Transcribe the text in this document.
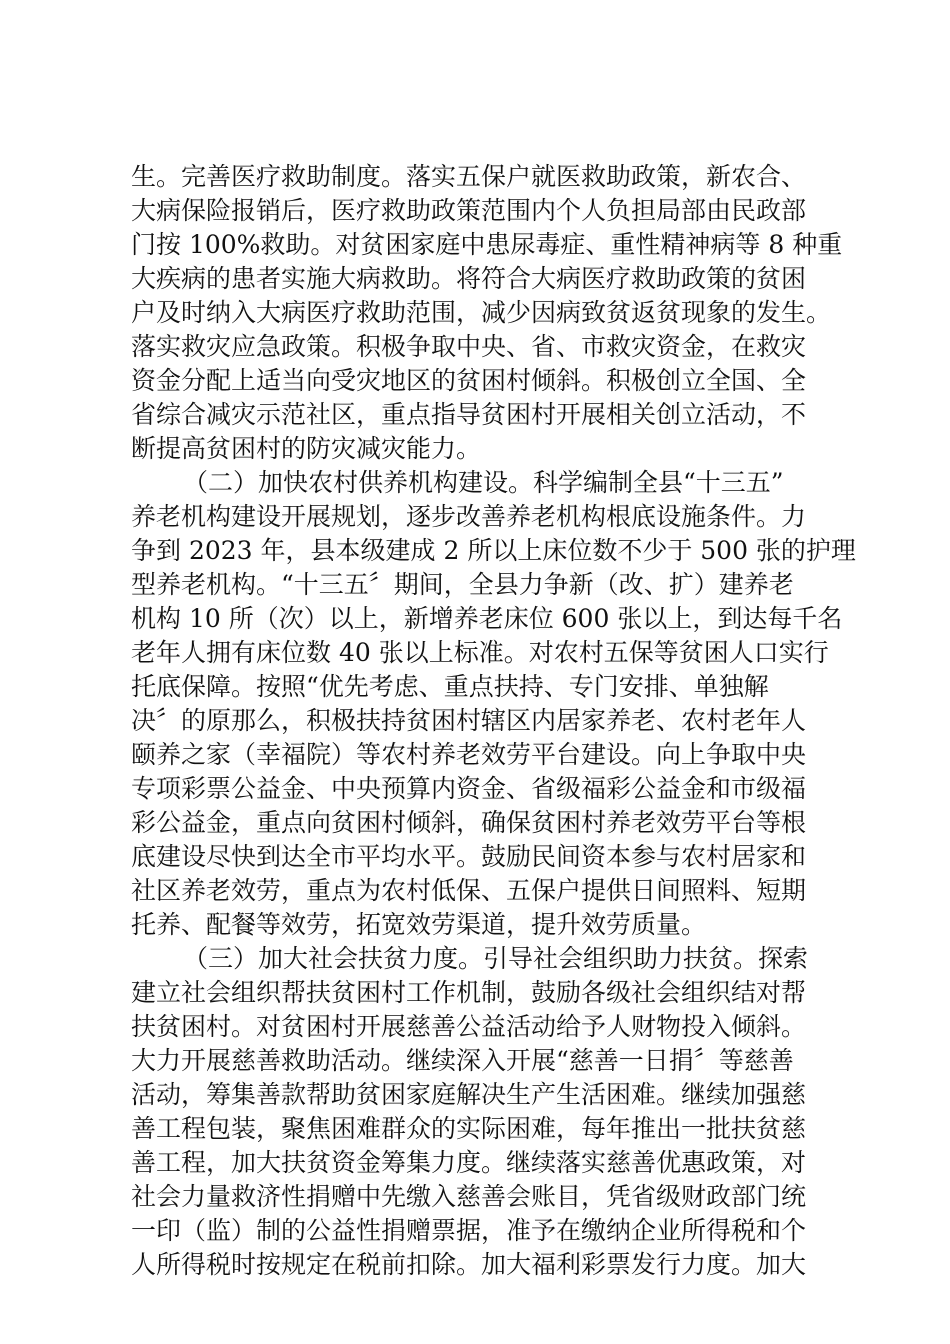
生。完善医疗救助制度。落实五保户就医救助政策，新农合、
大病保险报销后，医疗救助政策范围内个人负担局部由民政部
门按 100%救助。对贫困家庭中患尿毒症、重性精神病等 8 种重
大疾病的患者实施大病救助。将符合大病医疗救助政策的贫困
户及时纳入大病医疗救助范围，减少因病致贫返贫现象的发生。
落实救灾应急政策。积极争取中央、省、市救灾资金，在救灾
资金分配上适当向受灾地区的贫困村倾斜。积极创立全国、全
省综合减灾示范社区，重点指导贫困村开展相关创立活动，不
断提高贫困村的防灾减灾能力。
（二）加快农村供养机构建设。科学编制全县“十三五”
养老机构建设开展规划，逐步改善养老机构根底设施条件。力
争到 2023 年，县本级建成 2 所以上床位数不少于 500 张的护理
型养老机构。“十三五〞期间，全县力争新（改、扩）建养老
机构 10 所（次）以上，新增养老床位 600 张以上，到达每千名
老年人拥有床位数 40 张以上标准。对农村五保等贫困人口实行
托底保障。按照“优先考虑、重点扶持、专门安排、单独解
决〞的原那么，积极扶持贫困村辖区内居家养老、农村老年人
颐养之家（幸福院）等农村养老效劳平台建设。向上争取中央
专项彩票公益金、中央预算内资金、省级福彩公益金和市级福
彩公益金，重点向贫困村倾斜，确保贫困村养老效劳平台等根
底建设尽快到达全市平均水平。鼓励民间资本参与农村居家和
社区养老效劳，重点为农村低保、五保户提供日间照料、短期
托养、配餐等效劳，拓宽效劳渠道，提升效劳质量。
（三）加大社会扶贫力度。引导社会组织助力扶贫。探索
建立社会组织帮扶贫困村工作机制，鼓励各级社会组织结对帮
扶贫困村。对贫困村开展慈善公益活动给予人财物投入倾斜。
大力开展慈善救助活动。继续深入开展“慈善一日捐〞等慈善
活动，筹集善款帮助贫困家庭解决生产生活困难。继续加强慈
善工程包装，聚焦困难群众的实际困难，每年推出一批扶贫慈
善工程，加大扶贫资金筹集力度。继续落实慈善优惠政策，对
社会力量救济性捐赠中先缴入慈善会账目，凭省级财政部门统
一印（监）制的公益性捐赠票据，准予在缴纳企业所得税和个
人所得税时按规定在税前扣除。加大福利彩票发行力度。加大
